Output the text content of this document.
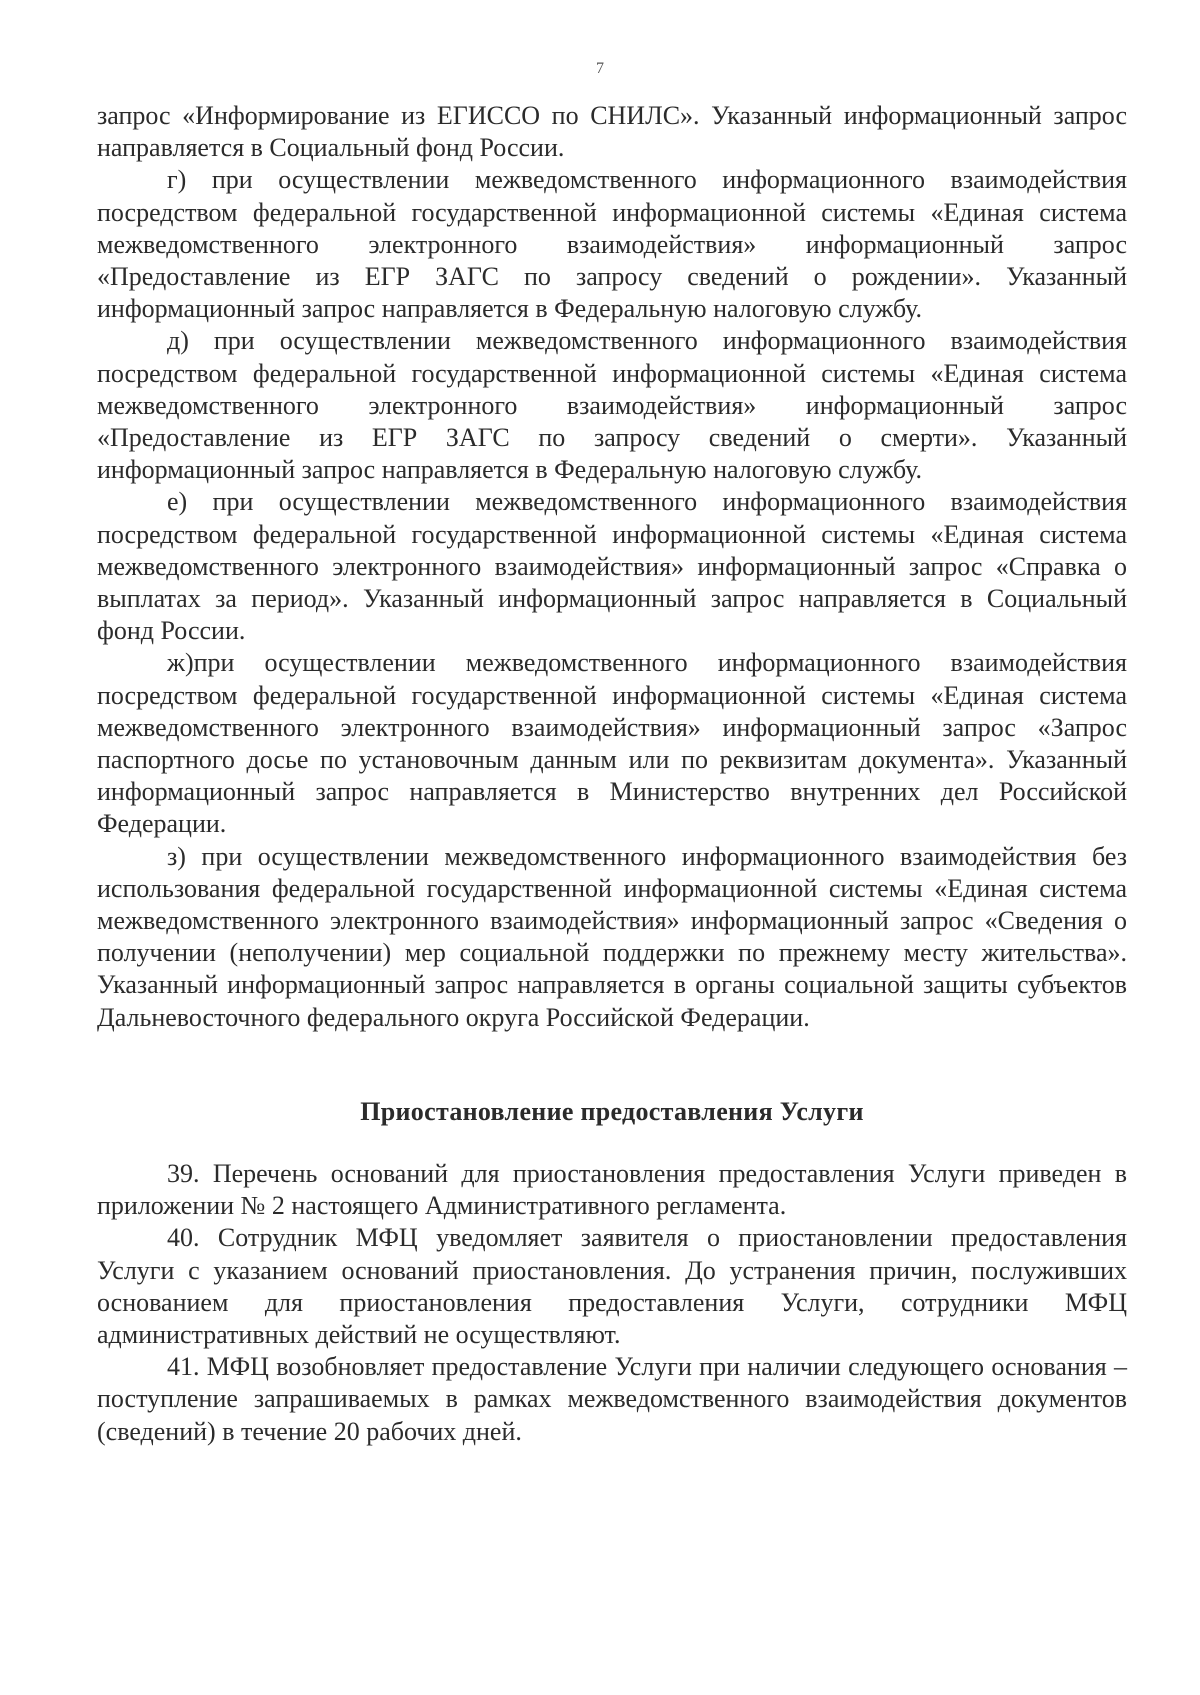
7

запрос «Информирование из ЕГИССО по СНИЛС». Указанный информационный запрос направляется в Социальный фонд России.

г) при осуществлении межведомственного информационного взаимодействия посредством федеральной государственной информационной системы «Единая система межведомственного электронного взаимодействия» информационный запрос «Предоставление из ЕГР ЗАГС по запросу сведений о рождении». Указанный информационный запрос направляется в Федеральную налоговую службу.

д) при осуществлении межведомственного информационного взаимодействия посредством федеральной государственной информационной системы «Единая система межведомственного электронного взаимодействия» информационный запрос «Предоставление из ЕГР ЗАГС по запросу сведений о смерти». Указанный информационный запрос направляется в Федеральную налоговую службу.

е) при осуществлении межведомственного информационного взаимодействия посредством федеральной государственной информационной системы «Единая система межведомственного электронного взаимодействия» информационный запрос «Справка о выплатах за период». Указанный информационный запрос направляется в Социальный фонд России.

ж)при осуществлении межведомственного информационного взаимодействия посредством федеральной государственной информационной системы «Единая система межведомственного электронного взаимодействия» информационный запрос «Запрос паспортного досье по установочным данным или по реквизитам документа». Указанный информационный запрос направляется в Министерство внутренних дел Российской Федерации.

з) при осуществлении межведомственного информационного взаимодействия без использования федеральной государственной информационной системы «Единая система межведомственного электронного взаимодействия» информационный запрос «Сведения о получении (неполучении) мер социальной поддержки по прежнему месту жительства». Указанный информационный запрос направляется в органы социальной защиты субъектов Дальневосточного федерального округа Российской Федерации.

Приостановление предоставления Услуги

39. Перечень оснований для приостановления предоставления Услуги приведен в приложении № 2 настоящего Административного регламента.

40. Сотрудник МФЦ уведомляет заявителя о приостановлении предоставления Услуги с указанием оснований приостановления. До устранения причин, послуживших основанием для приостановления предоставления Услуги, сотрудники МФЦ административных действий не осуществляют.

41. МФЦ возобновляет предоставление Услуги при наличии следующего основания – поступление запрашиваемых в рамках межведомственного взаимодействия документов (сведений) в течение 20 рабочих дней.
